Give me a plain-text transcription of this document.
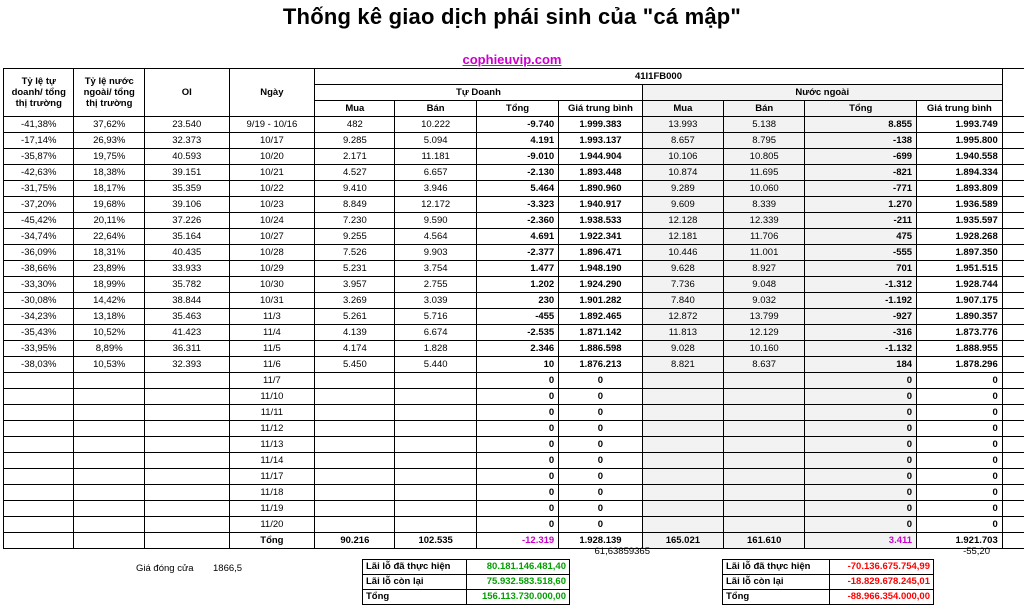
Thống kê giao dịch phái sinh của "cá mập"
cophieuvip.com
Tỷ lệ tự doanh/ tổng thị trường	Tỷ lệ nước ngoài/ tổng thị trường	OI	Ngày	41I1FB000								
				Tự Doanh				Nước ngoài				
				Mua	Bán	Tổng	Giá trung bình	Mua	Bán	Tổng	Giá trung bình	
-41,38%	37,62%	23.540	9/19 - 10/16	482	10.222	-9.740	1.999.383	13.993	5.138	8.855	1.993.749	
-17,14%	26,93%	32.373	10/17	9.285	5.094	4.191	1.993.137	8.657	8.795	-138	1.995.800	
-35,87%	19,75%	40.593	10/20	2.171	11.181	-9.010	1.944.904	10.106	10.805	-699	1.940.558	
-42,63%	18,38%	39.151	10/21	4.527	6.657	-2.130	1.893.448	10.874	11.695	-821	1.894.334	
-31,75%	18,17%	35.359	10/22	9.410	3.946	5.464	1.890.960	9.289	10.060	-771	1.893.809	
-37,20%	19,68%	39.106	10/23	8.849	12.172	-3.323	1.940.917	9.609	8.339	1.270	1.936.589	
-45,42%	20,11%	37.226	10/24	7.230	9.590	-2.360	1.938.533	12.128	12.339	-211	1.935.597	
-34,74%	22,64%	35.164	10/27	9.255	4.564	4.691	1.922.341	12.181	11.706	475	1.928.268	
-36,09%	18,31%	40.435	10/28	7.526	9.903	-2.377	1.896.471	10.446	11.001	-555	1.897.350	
-38,66%	23,89%	33.933	10/29	5.231	3.754	1.477	1.948.190	9.628	8.927	701	1.951.515	
-33,30%	18,99%	35.782	10/30	3.957	2.755	1.202	1.924.290	7.736	9.048	-1.312	1.928.744	
-30,08%	14,42%	38.844	10/31	3.269	3.039	230	1.901.282	7.840	9.032	-1.192	1.907.175	
-34,23%	13,18%	35.463	11/3	5.261	5.716	-455	1.892.465	12.872	13.799	-927	1.890.357	
-35,43%	10,52%	41.423	11/4	4.139	6.674	-2.535	1.871.142	11.813	12.129	-316	1.873.776	
-33,95%	8,89%	36.311	11/5	4.174	1.828	2.346	1.886.598	9.028	10.160	-1.132	1.888.955	
-38,03%	10,53%	32.393	11/6	5.450	5.440	10	1.876.213	8.821	8.637	184	1.878.296	
			11/7			0	0			0	0	
			11/10			0	0			0	0	
			11/11			0	0			0	0	
			11/12			0	0			0	0	
			11/13			0	0			0	0	
			11/14			0	0			0	0	
			11/17			0	0			0	0	
			11/18			0	0			0	0	
			11/19			0	0			0	0	
			11/20			0	0			0	0	
			Tổng	90.216	102.535	-12.319	1.928.139	165.021	161.610	3.411	1.921.703	
61,63859365	-55,20
Giá đóng cửa 1866,5	Lãi lỗ đã thực hiện	80.181.146.481,40
Lãi lỗ còn lại	75.932.583.518,60
Tổng	156.113.730.000,00
Lãi lỗ đã thực hiện	-70.136.675.754,99
Lãi lỗ còn lại	-18.829.678.245,01
Tổng	-88.966.354.000,00
